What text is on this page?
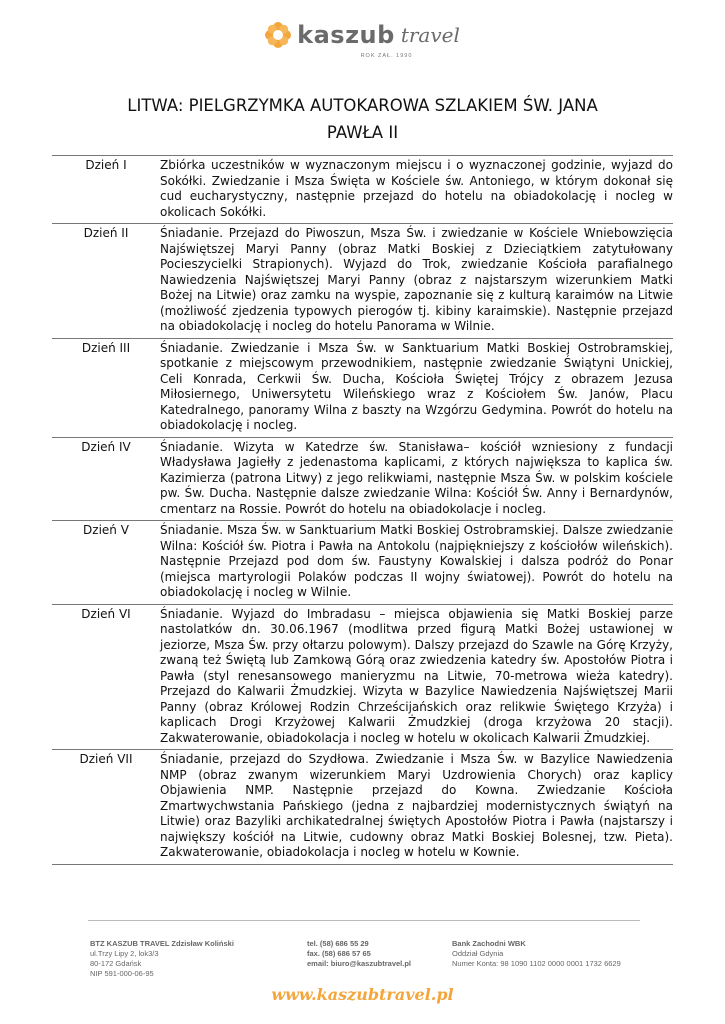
kaszub travel
ROK ZAŁ. 1990
LITWA: PIELGRZYMKA AUTOKAROWA SZLAKIEM ŚW. JANA PAWŁA II
Dzień I	Zbiórka uczestników w wyznaczonym miejscu i o wyznaczonej godzinie, wyjazd do Sokółki. Zwiedzanie i Msza Święta w Kościele św. Antoniego, w którym dokonał się cud eucharystyczny, następnie przejazd do hotelu na obiadokolację i nocleg w okolicach Sokółki.
Dzień II	Śniadanie. Przejazd do Piwoszun, Msza Św. i zwiedzanie w Kościele Wniebowzięcia Najświętszej Maryi Panny (obraz Matki Boskiej z Dzieciątkiem zatytułowany Pocieszycielki Strapionych). Wyjazd do Trok, zwiedzanie Kościoła parafialnego Nawiedzenia Najświętszej Maryi Panny (obraz z najstarszym wizerunkiem Matki Bożej na Litwie) oraz zamku na wyspie, zapoznanie się z kulturą karaimów na Litwie (możliwość zjedzenia typowych pierogów tj. kibiny karaimskie). Następnie przejazd na obiadokolację i nocleg do hotelu Panorama w Wilnie.
Dzień III	Śniadanie. Zwiedzanie i Msza Św. w Sanktuarium Matki Boskiej Ostrobramskiej, spotkanie z miejscowym przewodnikiem, następnie zwiedzanie Świątyni Unickiej, Celi Konrada, Cerkwii Św. Ducha, Kościoła Świętej Trójcy z obrazem Jezusa Miłosiernego, Uniwersytetu Wileńskiego wraz z Kościołem Św. Janów, Placu Katedralnego, panoramy Wilna z baszty na Wzgórzu Gedymina. Powrót do hotelu na obiadokolację i nocleg.
Dzień IV	Śniadanie. Wizyta w Katedrze św. Stanisława– kościół wzniesiony z fundacji Władysława Jagiełły z jedenastoma kaplicami, z których największa to kaplica św. Kazimierza (patrona Litwy) z jego relikwiami, następnie Msza Św. w polskim kościele pw. Św. Ducha. Następnie dalsze zwiedzanie Wilna: Kościół Św. Anny i Bernardynów, cmentarz na Rossie. Powrót do hotelu na obiadokolacje i nocleg.
Dzień V	Śniadanie. Msza Św. w Sanktuarium Matki Boskiej Ostrobramskiej. Dalsze zwiedzanie Wilna: Kościół św. Piotra i Pawła na Antokolu (najpiękniejszy z kościołów wileńskich). Następnie Przejazd pod dom św. Faustyny Kowalskiej i dalsza podróż do Ponar (miejsca martyrologii Polaków podczas II wojny światowej). Powrót do hotelu na obiadokolację i nocleg w Wilnie.
Dzień VI	Śniadanie. Wyjazd do Imbradasu – miejsca objawienia się Matki Boskiej parze nastolatków dn. 30.06.1967 (modlitwa przed figurą Matki Bożej ustawionej w jeziorze, Msza Św. przy ołtarzu polowym). Dalszy przejazd do Szawle na Górę Krzyży, zwaną też Świętą lub Zamkową Górą oraz zwiedzenia katedry św. Apostołów Piotra i Pawła (styl renesansowego manieryzmu na Litwie, 70-metrowa wieża katedry). Przejazd do Kalwarii Żmudzkiej. Wizyta w Bazylice Nawiedzenia Najświętszej Marii Panny (obraz Królowej Rodzin Chrześcijańskich oraz relikwie Świętego Krzyża) i kaplicach Drogi Krzyżowej Kalwarii Żmudzkiej (droga krzyżowa 20 stacji). Zakwaterowanie, obiadokolacja i nocleg w hotelu w okolicach Kalwarii Żmudzkiej.
Dzień VII	Śniadanie, przejazd do Szydłowa. Zwiedzanie i Msza Św. w Bazylice Nawiedzenia NMP (obraz zwanym wizerunkiem Maryi Uzdrowienia Chorych) oraz kaplicy Objawienia NMP. Następnie przejazd do Kowna. Zwiedzanie Kościoła Zmartwychwstania Pańskiego (jedna z najbardziej modernistycznych świątyń na Litwie) oraz Bazyliki archikatedralnej świętych Apostołów Piotra i Pawła (najstarszy i największy kościół na Litwie, cudowny obraz Matki Boskiej Bolesnej, tzw. Pieta). Zakwaterowanie, obiadokolacja i nocleg w hotelu w Kownie.
BTZ KASZUB TRAVEL Zdzisław Koliński
ul.Trzy Lipy 2, lok3/3
80-172 Gdańsk
NIP 591-000-06-95
tel. (58) 686 55 29
fax. (58) 686 57 65
email: biuro@kaszubtravel.pl
Bank Zachodni WBK
Oddział Gdynia
Numer Konta: 98 1090 1102 0000 0001 1732 6629
www.kaszubtravel.pl
